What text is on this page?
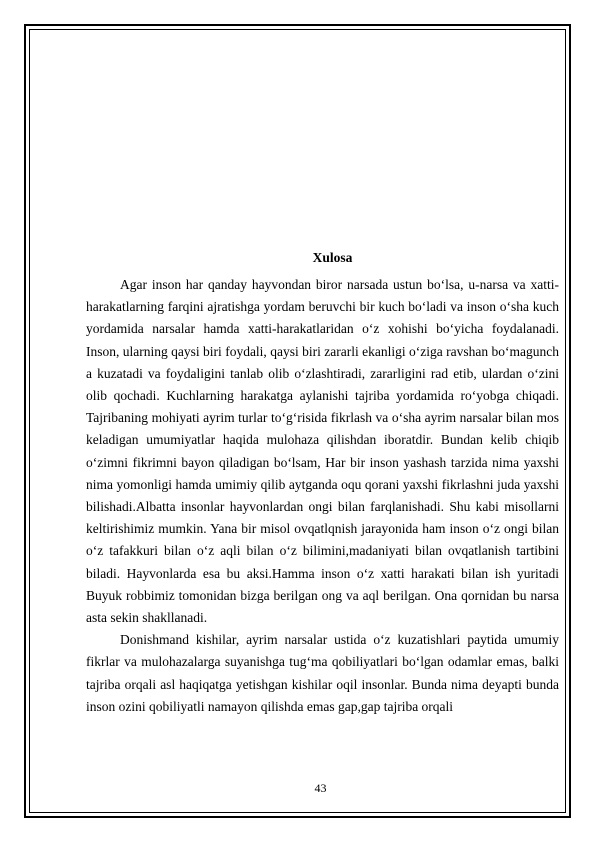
Xulosa

Agar inson har qanday hayvondan biror narsada ustun bo‘lsa, u-narsa va xatti-harakatlarning farqini ajratishga yordam beruvchi bir kuch bo‘ladi va inson o‘sha kuch yordamida narsalar hamda xatti-harakatlaridan o‘z xohishi bo‘yicha foydalanadi. Inson, ularning qaysi biri foydali, qaysi biri zararli ekanligi o‘ziga ravshan bo‘magunch a kuzatadi va foydaligini tanlab olib o‘zlashtiradi, zararligini rad etib, ulardan o‘zini olib qochadi. Kuchlarning harakatga aylanishi tajriba yordamida ro‘yobga chiqadi. Tajribaning mohiyati ayrim turlar to‘g‘risida fikrlash va o‘sha ayrim narsalar bilan mos keladigan umumiyatlar haqida mulohaza qilishdan iboratdir. Bundan kelib chiqib o‘zimni fikrimni bayon qiladigan bo‘lsam, Har bir inson yashash tarzida nima yaxshi nima yomonligi hamda umimiy qilib aytganda oqu qorani yaxshi fikrlashni juda yaxshi bilishadi.Albatta insonlar hayvonlardan ongi bilan farqlanishadi. Shu kabi misollarni keltirishimiz mumkin. Yana bir misol ovqatlqnish jarayonida ham inson o‘z ongi bilan o‘z tafakkuri bilan o‘z aqli bilan o‘z bilimini,madaniyati bilan ovqatlanish tartibini biladi. Hayvonlarda esa bu aksi.Hamma inson o‘z xatti harakati bilan ish yuritadi Buyuk robbimiz tomonidan bizga berilgan ong va aql berilgan. Ona qornidan bu narsa asta sekin shakllanadi.

Donishmand kishilar, ayrim narsalar ustida o‘z kuzatishlari paytida umumiy fikrlar va mulohazalarga suyanishga tug‘ma qobiliyatlari bo‘lgan odamlar emas, balki tajriba orqali asl haqiqatga yetishgan kishilar oqil insonlar. Bunda nima deyapti bunda inson ozini qobiliyatli namayon qilishda emas gap,gap tajriba orqali

43
